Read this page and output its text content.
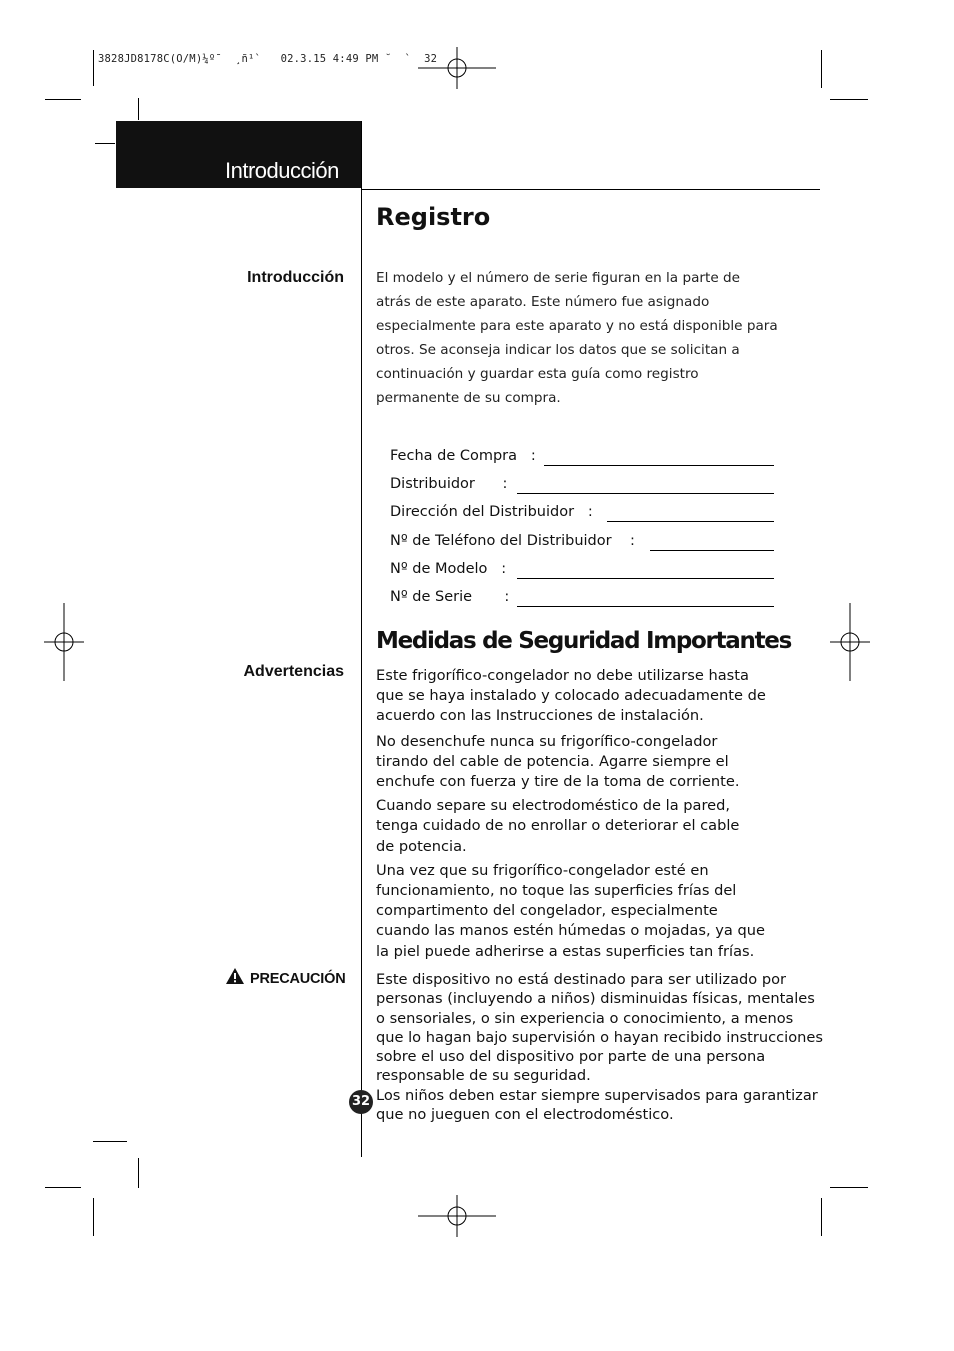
3828JD8178C(O/M)¼º¯  ¸ñ¹`   02.3.15 4:49 PM ˘  `  32
Introducción
Registro
Introducción El modelo y el número de serie figuran en la parte de

atrás de este aparato. Este número fue asignado

especialmente para este aparato y no está disponible para

otros. Se aconseja indicar los datos que se solicitan a

continuación y guardar esta guía como registro

permanente de su compra.

Fecha de Compra   :
Distribuidor      :
Dirección del Distribuidor   :
Nº de Teléfono del Distribuidor    :
Nº de Modelo   :
Nº de Serie       :
Medidas de Seguridad Importantes
Advertencias Este frigorífico-congelador no debe utilizarse hasta
que se haya instalado y colocado adecuadamente de
acuerdo con las Instrucciones de instalación.

No desenchufe nunca su frigorífico-congelador
tirando del cable de potencia. Agarre siempre el
enchufe con fuerza y tire de la toma de corriente.

Cuando separe su electrodoméstico de la pared,
tenga cuidado de no enrollar o deteriorar el cable
de potencia.

Una vez que su frigorífico-congelador esté en
funcionamiento, no toque las superficies frías del
compartimento del congelador, especialmente
cuando las manos estén húmedas o mojadas, ya que
la piel puede adherirse a estas superficies tan frías.

PRECAUCIÓN Este dispositivo no está destinado para ser utilizado por
personas (incluyendo a niños) disminuidas físicas, mentales
o sensoriales, o sin experiencia o conocimiento, a menos
que lo hagan bajo supervisión o hayan recibido instrucciones
sobre el uso del dispositivo por parte de una persona
responsable de su seguridad.
Los niños deben estar siempre supervisados para garantizar
que no jueguen con el electrodoméstico.

32
